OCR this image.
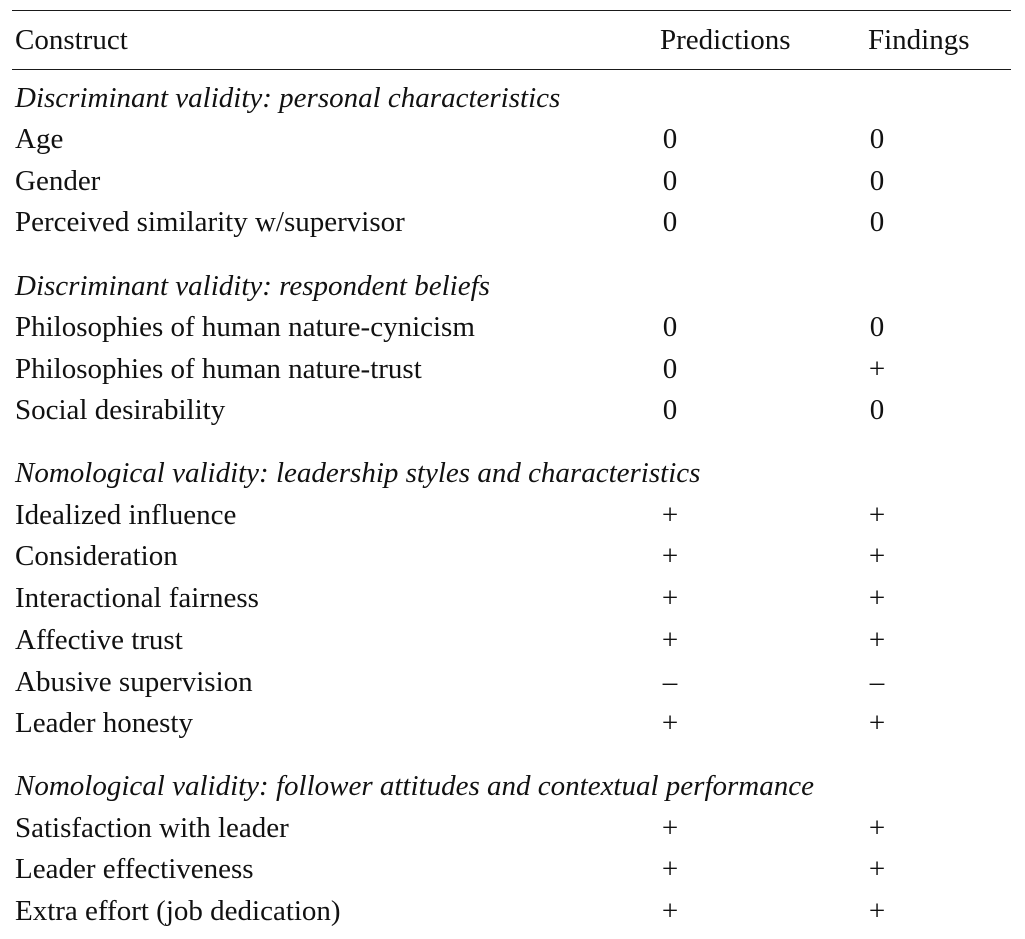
Construct	Predictions	Findings
Discriminant validity: personal characteristics
Age	0	0
Gender	0	0
Perceived similarity w/supervisor	0	0
Discriminant validity: respondent beliefs
Philosophies of human nature-cynicism	0	0
Philosophies of human nature-trust	0	+
Social desirability	0	0
Nomological validity: leadership styles and characteristics
Idealized influence	+	+
Consideration	+	+
Interactional fairness	+	+
Affective trust	+	+
Abusive supervision	–	–
Leader honesty	+	+
Nomological validity: follower attitudes and contextual performance
Satisfaction with leader	+	+
Leader effectiveness	+	+
Extra effort (job dedication)	+	+
